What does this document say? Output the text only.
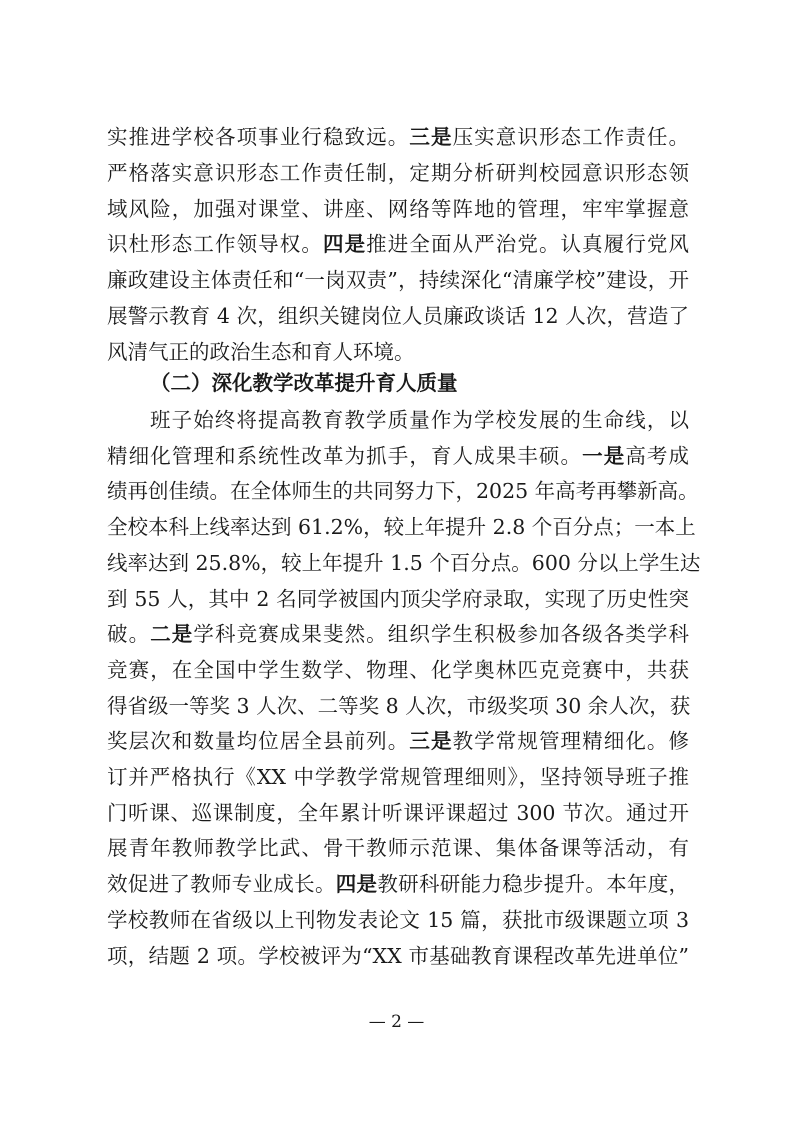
实推进学校各项事业行稳致远。三是压实意识形态工作责任。
严格落实意识形态工作责任制，定期分析研判校园意识形态领
域风险，加强对课堂、讲座、网络等阵地的管理，牢牢掌握意
识杜形态工作领导权。四是推进全面从严治党。认真履行党风
廉政建设主体责任和“一岗双责”，持续深化“清廉学校”建设，开
展警示教育 4 次，组织关键岗位人员廉政谈话 12 人次，营造了
风清气正的政治生态和育人环境。
（二）深化教学改革提升育人质量
班子始终将提高教育教学质量作为学校发展的生命线，以
精细化管理和系统性改革为抓手，育人成果丰硕。一是高考成
绩再创佳绩。在全体师生的共同努力下，2025 年高考再攀新高。
全校本科上线率达到 61.2%，较上年提升 2.8 个百分点；一本上
线率达到 25.8%，较上年提升 1.5 个百分点。600 分以上学生达
到 55 人，其中 2 名同学被国内顶尖学府录取，实现了历史性突
破。二是学科竞赛成果斐然。组织学生积极参加各级各类学科
竞赛，在全国中学生数学、物理、化学奥林匹克竞赛中，共获
得省级一等奖 3 人次、二等奖 8 人次，市级奖项 30 余人次，获
奖层次和数量均位居全县前列。三是教学常规管理精细化。修
订并严格执行《XX 中学教学常规管理细则》，坚持领导班子推
门听课、巡课制度，全年累计听课评课超过 300 节次。通过开
展青年教师教学比武、骨干教师示范课、集体备课等活动，有
效促进了教师专业成长。四是教研科研能力稳步提升。本年度，
学校教师在省级以上刊物发表论文 15 篇，获批市级课题立项 3
项，结题 2 项。学校被评为“XX 市基础教育课程改革先进单位”
— 2 —
